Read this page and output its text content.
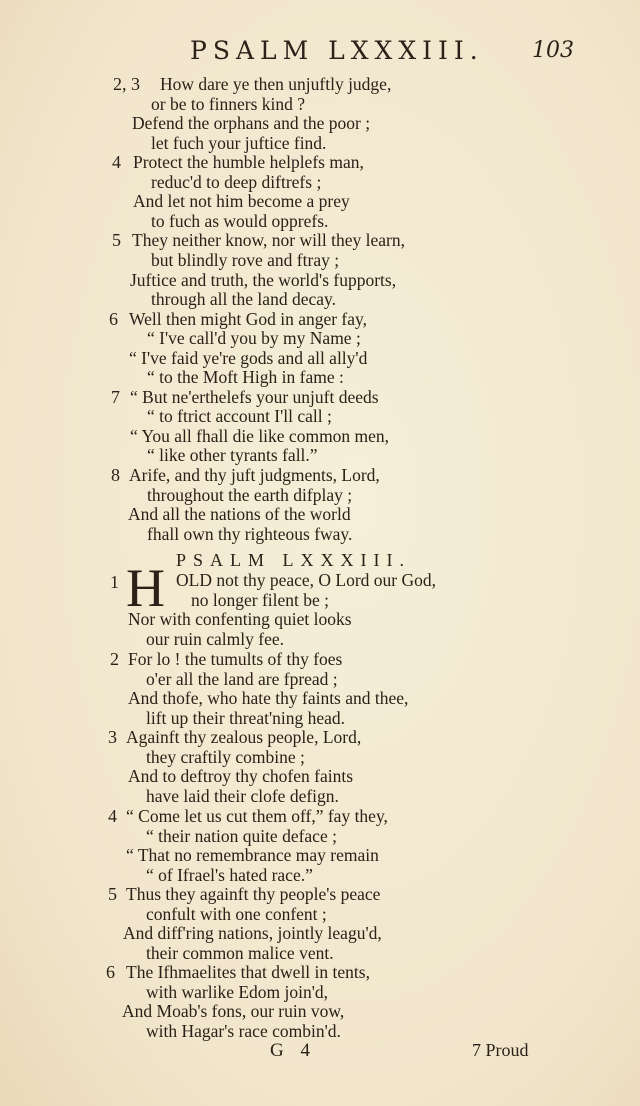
PSALM LXXXIII. 103
2, 3 How dare ye then unjuftly judge,
or be to finners kind ?
Defend the orphans and the poor ;
let fuch your juftice find.
4 Protect the humble helplefs man,
reduc'd to deep diftrefs ;
And let not him become a prey
to fuch as would opprefs.
5 They neither know, nor will they learn,
but blindly rove and ftray ;
Juftice and truth, the world's fupports,
through all the land decay.
6 Well then might God in anger fay,
“ I've call'd you by my Name ;
“ I've faid ye're gods and all ally'd
“ to the Moft High in fame :
7 “ But ne'erthelefs your unjuft deeds
“ to ftrict account I'll call ;
“ You all fhall die like common men,
“ like other tyrants fall.”
8 Arife, and thy juft judgments, Lord,
throughout the earth difplay ;
And all the nations of the world
fhall own thy righteous fway.
PSALM LXXXIII.
1 H OLD not thy peace, O Lord our God,
no longer filent be ;
Nor with confenting quiet looks
our ruin calmly fee.
2 For lo ! the tumults of thy foes
o'er all the land are fpread ;
And thofe, who hate thy faints and thee,
lift up their threat'ning head.
3 Againft thy zealous people, Lord,
they craftily combine ;
And to deftroy thy chofen faints
have laid their clofe defign.
4 “ Come let us cut them off,” fay they,
“ their nation quite deface ;
“ That no remembrance may remain
“ of Ifrael's hated race.”
5 Thus they againft thy people's peace
confult with one confent ;
And diff'ring nations, jointly leagu'd,
their common malice vent.
6 The Ifhmaelites that dwell in tents,
with warlike Edom join'd,
And Moab's fons, our ruin vow,
with Hagar's race combin'd.
G 4	7 Proud
